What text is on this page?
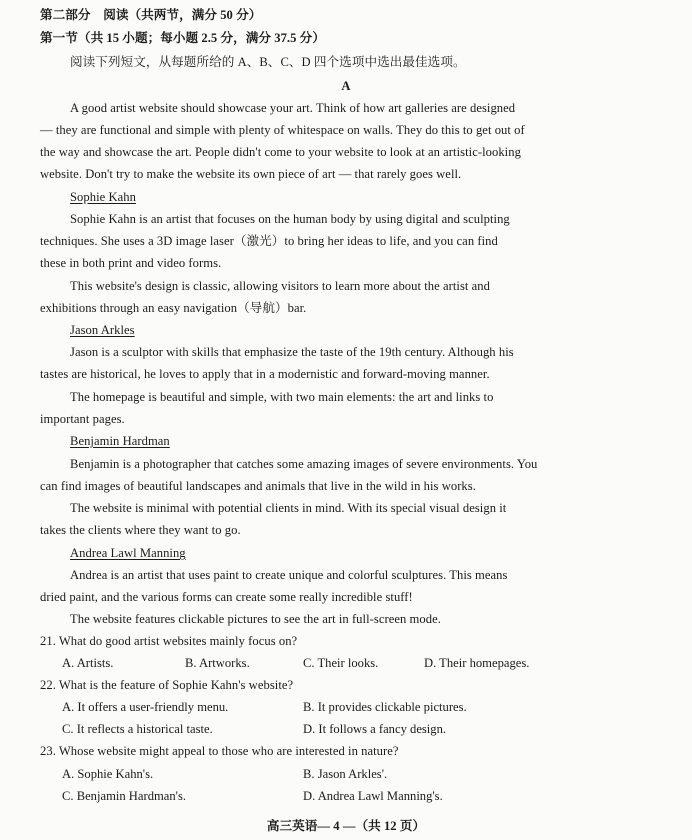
第二部分　阅读（共两节，满分 50 分）
第一节（共 15 小题；每小题 2.5 分，满分 37.5 分）
阅读下列短文，从每题所给的 A、B、C、D 四个选项中选出最佳选项。
A
A good artist website should showcase your art. Think of how art galleries are designed
— they are functional and simple with plenty of whitespace on walls. They do this to get out of
the way and showcase the art. People didn't come to your website to look at an artistic-looking
website. Don't try to make the website its own piece of art — that rarely goes well.
Sophie Kahn
Sophie Kahn is an artist that focuses on the human body by using digital and sculpting
techniques. She uses a 3D image laser（激光）to bring her ideas to life, and you can find
these in both print and video forms.
This website's design is classic, allowing visitors to learn more about the artist and
exhibitions through an easy navigation（导航）bar.
Jason Arkles
Jason is a sculptor with skills that emphasize the taste of the 19th century. Although his
tastes are historical, he loves to apply that in a modernistic and forward-moving manner.
The homepage is beautiful and simple, with two main elements: the art and links to
important pages.
Benjamin Hardman
Benjamin is a photographer that catches some amazing images of severe environments. You
can find images of beautiful landscapes and animals that live in the wild in his works.
The website is minimal with potential clients in mind. With its special visual design it
takes the clients where they want to go.
Andrea Lawl Manning
Andrea is an artist that uses paint to create unique and colorful sculptures. This means
dried paint, and the various forms can create some really incredible stuff!
The website features clickable pictures to see the art in full-screen mode.
21. What do good artist websites mainly focus on?
A. Artists.	B. Artworks.	C. Their looks.	D. Their homepages.
22. What is the feature of Sophie Kahn's website?
A. It offers a user-friendly menu.	B. It provides clickable pictures.
C. It reflects a historical taste.	D. It follows a fancy design.
23. Whose website might appeal to those who are interested in nature?
A. Sophie Kahn's.	B. Jason Arkles'.
C. Benjamin Hardman's.	D. Andrea Lawl Manning's.
高三英语— 4 —（共 12 页）
